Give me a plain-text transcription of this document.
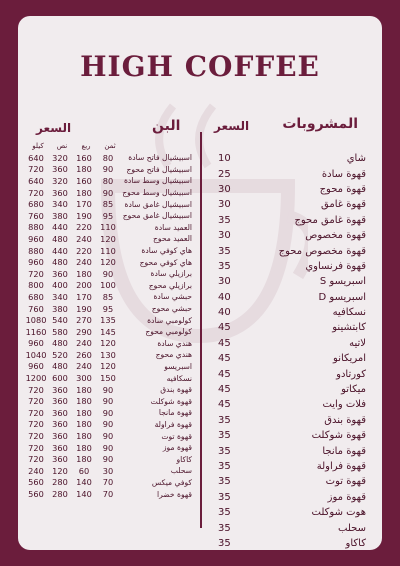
HIGH COFFEE
المشروبات
السعر
البن
السعر
كيلو	نص	ربع	ثمن
10	شاي
25	قهوة سادة
30	قهوة محوج
30	قهوة غامق
35	قهوة غامق محوج
30	قهوة مخصوص
35	قهوة مخصوص محوج
35	قهوة فرنساوي
30	اسبريسو S
40	اسبريسو D
40	نسكافيه
45	كابتشينو
45	لاتيه
45	امريكانو
45	كورتادو
45	ميكاتو
45	فلات وايت
35	قهوة بندق
35	قهوة شوكلت
35	قهوة مانجا
35	قهوة فراولة
35	قهوة توت
35	قهوة موز
35	هوت شوكلت
35	سحلب
35	كاكاو
640	320	160	80	اسبيشيال فاتح سادة
720	360	180	90	اسبيشيال فاتح محوج
640	320	160	80	اسبيشيال وسط سادة
720	360	180	90	اسبيشيال وسط محوج
680	340	170	85	اسبيشيال غامق سادة
760	380	190	95	اسبيشيال غامق محوج
880	440	220	110	العميد سادة
960	480	240	120	العميد محوج
880	440	220	110	هاي كوفي سادة
960	480	240	120	هاي كوفي محوج
720	360	180	90	برازيلي سادة
800	400	200	100	برازيلي محوج
680	340	170	85	حبشي سادة
760	380	190	95	حبشي محوج
1080 540	270	135	كولومبي سادة
1160 580	290	145	كولومبي محوج
960	480	240	120	هندي سادة
1040 520	260	130	هندي محوج
960	480	240	120	اسبريسو
1200 600	300	150	نسكافيه
720	360	180	90	قهوة بندق
720	360	180	90	قهوة شوكلت
720	360	180	90	قهوة مانجا
720	360	180	90	قهوة فراولة
720	360	180	90	قهوة توت
720	360	180	90	قهوة موز
720	360	180	90	كاكاو
240	120	60	30	سحلب
560	280	140	70	كوفي ميكس
560	280	140	70	قهوة خضرا
